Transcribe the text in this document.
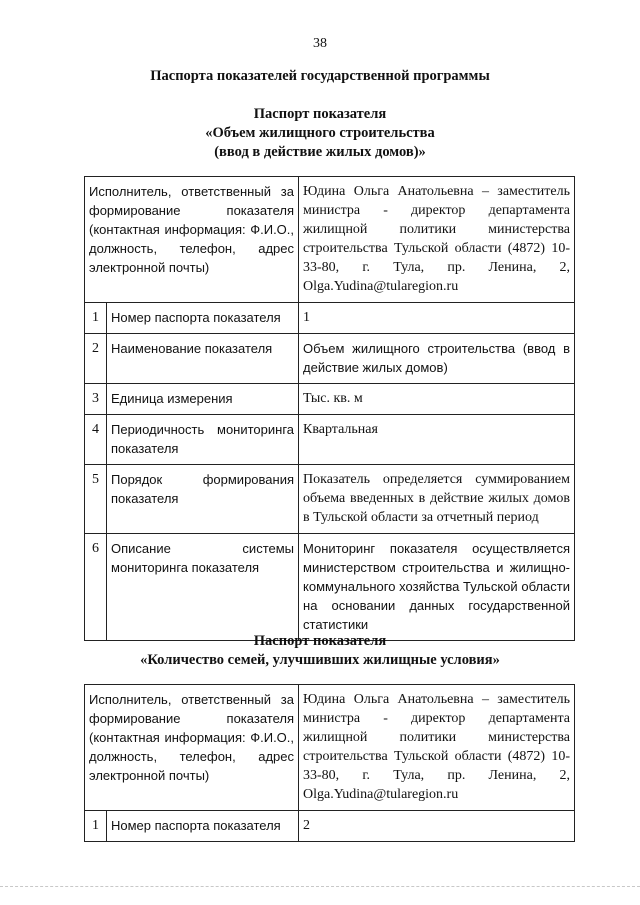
38
Паспорта показателей государственной программы
Паспорт показателя
«Объем жилищного строительства
(ввод в действие жилых домов)»
Исполнитель, ответственный за формирование показателя (контактная информация: Ф.И.О., должность, телефон, адрес электронной почты)		Юдина Ольга Анатольевна – заместитель министра - директор департамента жилищной политики министерства строительства Тульской области (4872) 10-33-80, г. Тула, пр. Ленина, 2, Olga.Yudina@tularegion.ru
1	Номер паспорта показателя	1
2	Наименование показателя	Объем жилищного строительства (ввод в действие жилых домов)
3	Единица измерения	Тыс. кв. м
4	Периодичность мониторинга показателя	Квартальная
5	Порядок формирования показателя	Показатель определяется суммированием объема введенных в действие жилых домов в Тульской области за отчетный период
6	Описание системы мониторинга показателя	Мониторинг показателя осуществляется министерством строительства и жилищно-коммунального хозяйства Тульской области на основании данных государственной статистики
Паспорт показателя
«Количество семей, улучшивших жилищные условия»
Исполнитель, ответственный за формирование показателя (контактная информация: Ф.И.О., должность, телефон, адрес электронной почты)		Юдина Ольга Анатольевна – заместитель министра - директор департамента жилищной политики министерства строительства Тульской области (4872) 10-33-80, г. Тула, пр. Ленина, 2, Olga.Yudina@tularegion.ru
1	Номер паспорта показателя	2
